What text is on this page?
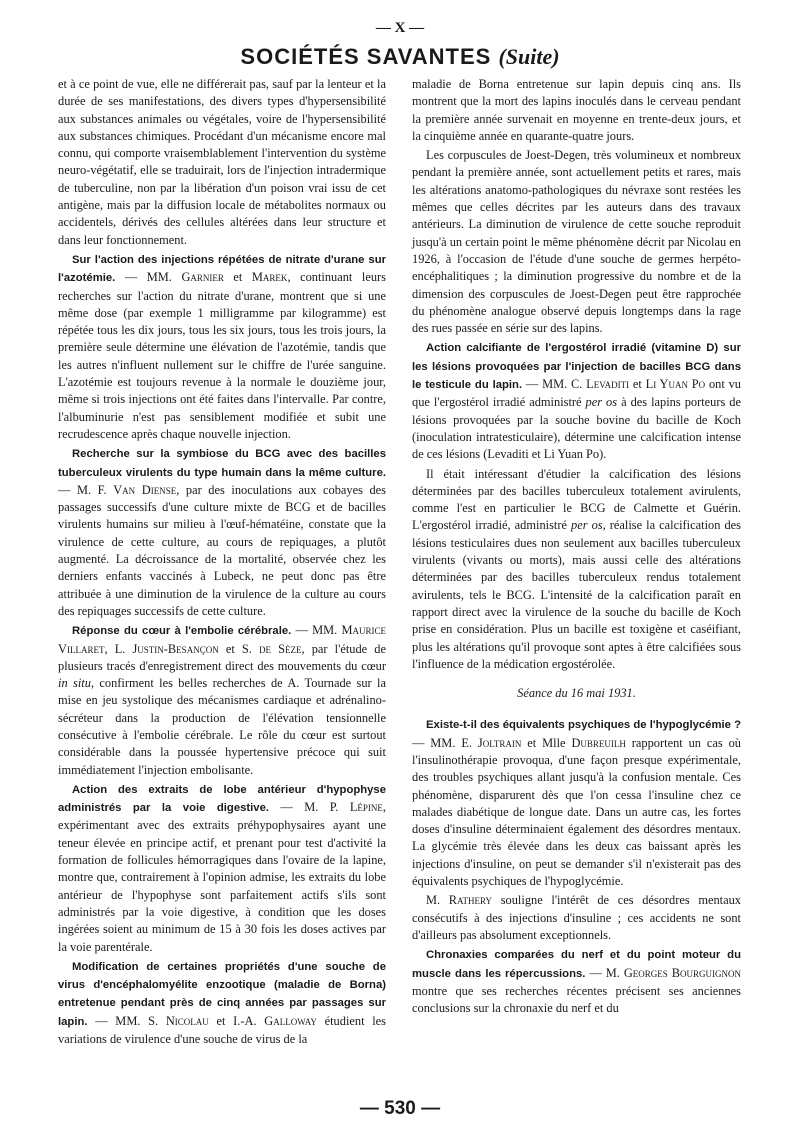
— X —
SOCIÉTÉS SAVANTES (Suite)

et à ce point de vue, elle ne différerait pas, sauf par la lenteur et la durée de ses manifestations, des divers types d'hypersensibilité aux substances animales ou végétales, voire de l'hypersensibilité aux substances chimiques. Procédant d'un mécanisme encore mal connu, qui comporte vraisemblablement l'intervention du système neuro-végétatif, elle se traduirait, lors de l'injection intradermique de tuberculine, non par la libération d'un poison vrai issu de cet antigène, mais par la diffusion locale de métabolites normaux ou accidentels, dérivés des cellules altérées dans leur structure et dans leur fonctionnement.

Sur l'action des injections répétées de nitrate d'urane sur l'azotémie. — MM. Garnier et Marek, continuant leurs recherches sur l'action du nitrate d'urane, montrent que si une même dose (par exemple 1 milligramme par kilogramme) est répétée tous les dix jours, tous les six jours, tous les trois jours, la première seule détermine une élévation de l'azotémie, tandis que les autres n'influent nullement sur le chiffre de l'urée sanguine. L'azotémie est toujours revenue à la normale le douzième jour, même si trois injections ont été faites dans l'intervalle. Par contre, l'albuminurie n'est pas sensiblement modifiée et subit une recrudescence après chaque nouvelle injection.

Recherche sur la symbiose du BCG avec des bacilles tuberculeux virulents du type humain dans la même culture. — M. F. Van Diense, par des inoculations aux cobayes des passages successifs d'une culture mixte de BCG et de bacilles virulents humains sur milieu à l'œuf-hématéine, constate que la virulence de cette culture, au cours de repiquages, a plutôt augmenté. La décroissance de la mortalité, observée chez les derniers enfants vaccinés à Lubeck, ne peut donc pas être attribuée à une diminution de la virulence de la culture au cours des repiquages successifs de cette culture.

Réponse du cœur à l'embolie cérébrale. — MM. Maurice Villaret, L. Justin-Besançon et S. de Sèze, par l'étude de plusieurs tracés d'enregistrement direct des mouvements du cœur in situ, confirment les belles recherches de A. Tournade sur la mise en jeu systolique des mécanismes cardiaque et adrénalino-sécréteur dans la production de l'élévation tensionnelle consécutive à l'embolie cérébrale. Le rôle du cœur est surtout considérable dans la poussée hypertensive précoce qui suit immédiatement l'injection embolisante.

Action des extraits de lobe antérieur d'hypophyse administrés par la voie digestive. — M. P. Lépine, expérimentant avec des extraits préhypophysaires ayant une teneur élevée en principe actif, et prenant pour test d'activité la formation de follicules hémorragiques dans l'ovaire de la lapine, montre que, contrairement à l'opinion admise, les extraits du lobe antérieur de l'hypophyse sont parfaitement actifs s'ils sont administrés par la voie digestive, à condition que les doses ingérées soient au minimum de 15 à 30 fois les doses actives par la voie parentérale.

Modification de certaines propriétés d'une souche de virus d'encéphalomyélite enzootique (maladie de Borna) entretenue pendant près de cinq années par passages sur lapin. — MM. S. Nicolau et I.-A. Galloway étudient les variations de virulence d'une souche de virus de la

maladie de Borna entretenue sur lapin depuis cinq ans. Ils montrent que la mort des lapins inoculés dans le cerveau pendant la première année survenait en moyenne en trente-deux jours, et la cinquième année en quarante-quatre jours.

Les corpuscules de Joest-Degen, très volumineux et nombreux pendant la première année, sont actuellement petits et rares, mais les altérations anatomo-pathologiques du névraxe sont restées les mêmes que celles décrites par les auteurs dans des travaux antérieurs. La diminution de virulence de cette souche reproduit jusqu'à un certain point le même phénomène décrit par Nicolau en 1926, à l'occasion de l'étude d'une souche de germes herpéto-encéphalitiques ; la diminution progressive du nombre et de la dimension des corpuscules de Joest-Degen peut être rapprochée du phénomène analogue observé depuis longtemps dans la rage des rues passée en série sur des lapins.

Action calcifiante de l'ergostérol irradié (vitamine D) sur les lésions provoquées par l'injection de bacilles BCG dans le testicule du lapin. — MM. C. Levaditi et Li Yuan Po ont vu que l'ergostérol irradié administré per os à des lapins porteurs de lésions provoquées par la souche bovine du bacille de Koch (inoculation intratesticulaire), détermine une calcification intense de ces lésions (Levaditi et Li Yuan Po).

Il était intéressant d'étudier la calcification des lésions déterminées par des bacilles tuberculeux totalement avirulents, comme l'est en particulier le BCG de Calmette et Guérin. L'ergostérol irradié, administré per os, réalise la calcification des lésions testiculaires dues non seulement aux bacilles tuberculeux virulents (vivants ou morts), mais aussi celle des altérations déterminées par des bacilles tuberculeux rendus totalement avirulents, tels le BCG. L'intensité de la calcification paraît en rapport direct avec la virulence de la souche du bacille de Koch prise en considération. Plus un bacille est toxigène et caséifiant, plus les altérations qu'il provoque sont aptes à être calcifiées sous l'influence de la médication ergostérolée.

Séance du 16 mai 1931.

Existe-t-il des équivalents psychiques de l'hypoglycémie ? — MM. E. Joltrain et Mlle Dubreuilh rapportent un cas où l'insulinothérapie provoqua, d'une façon presque expérimentale, des troubles psychiques allant jusqu'à la confusion mentale. Ces phénomène, disparurent dès que l'on cessa l'insuline chez ce malades diabétique de longue date. Dans un autre cas, les fortes doses d'insuline déterminaient également des désordres mentaux. La glycémie très élevée dans les deux cas baissant après les injections d'insuline, on peut se demander s'il n'existerait pas des équivalents psychiques de l'hypoglycémie.

M. Rathery souligne l'intérêt de ces désordres mentaux consécutifs à des injections d'insuline ; ces accidents ne sont d'ailleurs pas absolument exceptionnels.

Chronaxies comparées du nerf et du point moteur du muscle dans les répercussions. — M. Georges Bourguignon montre que ses recherches récentes précisent ses anciennes conclusions sur la chronaxie du nerf et du

— 530 —
